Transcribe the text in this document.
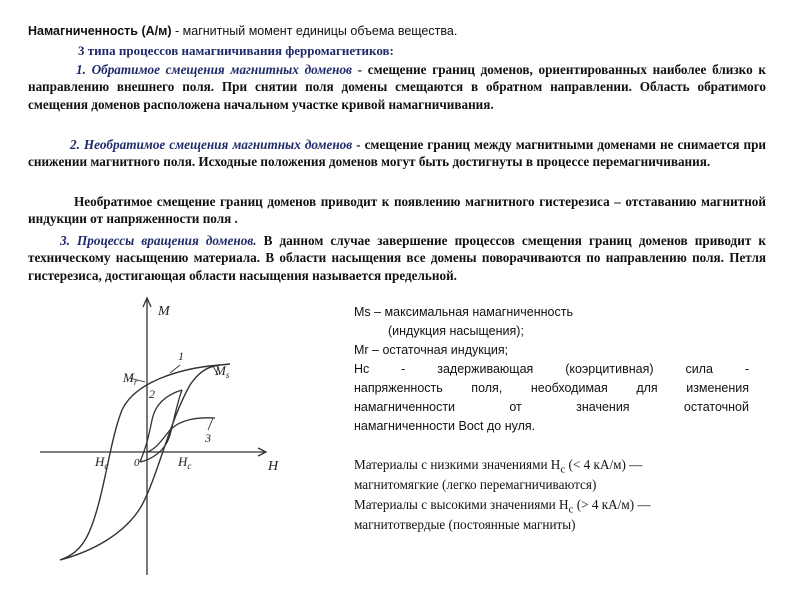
Намагниченность (А/м) - магнитный момент единицы объема вещества.
3 типа процессов намагничивания ферромагнетиков:

1. Обратимое смещения магнитных доменов - смещение границ доменов, ориентированных наиболее близко к направлению внешнего поля. При снятии поля домены смещаются в обратном направлении. Область обратимого смещения доменов расположена начальном участке кривой намагничивания.

2. Необратимое смещения магнитных доменов - смещение границ между магнитными доменами не снимается при снижении магнитного поля. Исходные положения доменов могут быть достигнуты в процессе перемагничивания.

Необратимое смещение границ доменов приводит к появлению магнитного гистерезиса – отставанию магнитной индукции от напряженности поля .

3. Процессы вращения доменов. В данном случае завершение процессов смещения границ доменов приводит к техническому насыщению материала. В области насыщения все домены поворачиваются по направлению поля. Петля гистерезиса, достигающая области насыщения называется предельной.

M
H
0
1
2
3
$M_r$
$M_s$
$H_c$	$H_c$
Ms – максимальная намагниченность
(индукция насыщения);
Mr – остаточная индукция;
Hc - задерживающая (коэрцитивная) сила -
напряженность поля, необходимая для изменения
намагниченности от значения остаточной
намагниченности Boct до нуля.
Материалы с низкими значениями $H_с$ (< 4 кА/м) —
магнитомягкие (легко перемагничиваются)
Материалы с высокими значениями $H_с$ (> 4 кА/м) —
магнитотвердые (постоянные магниты)
